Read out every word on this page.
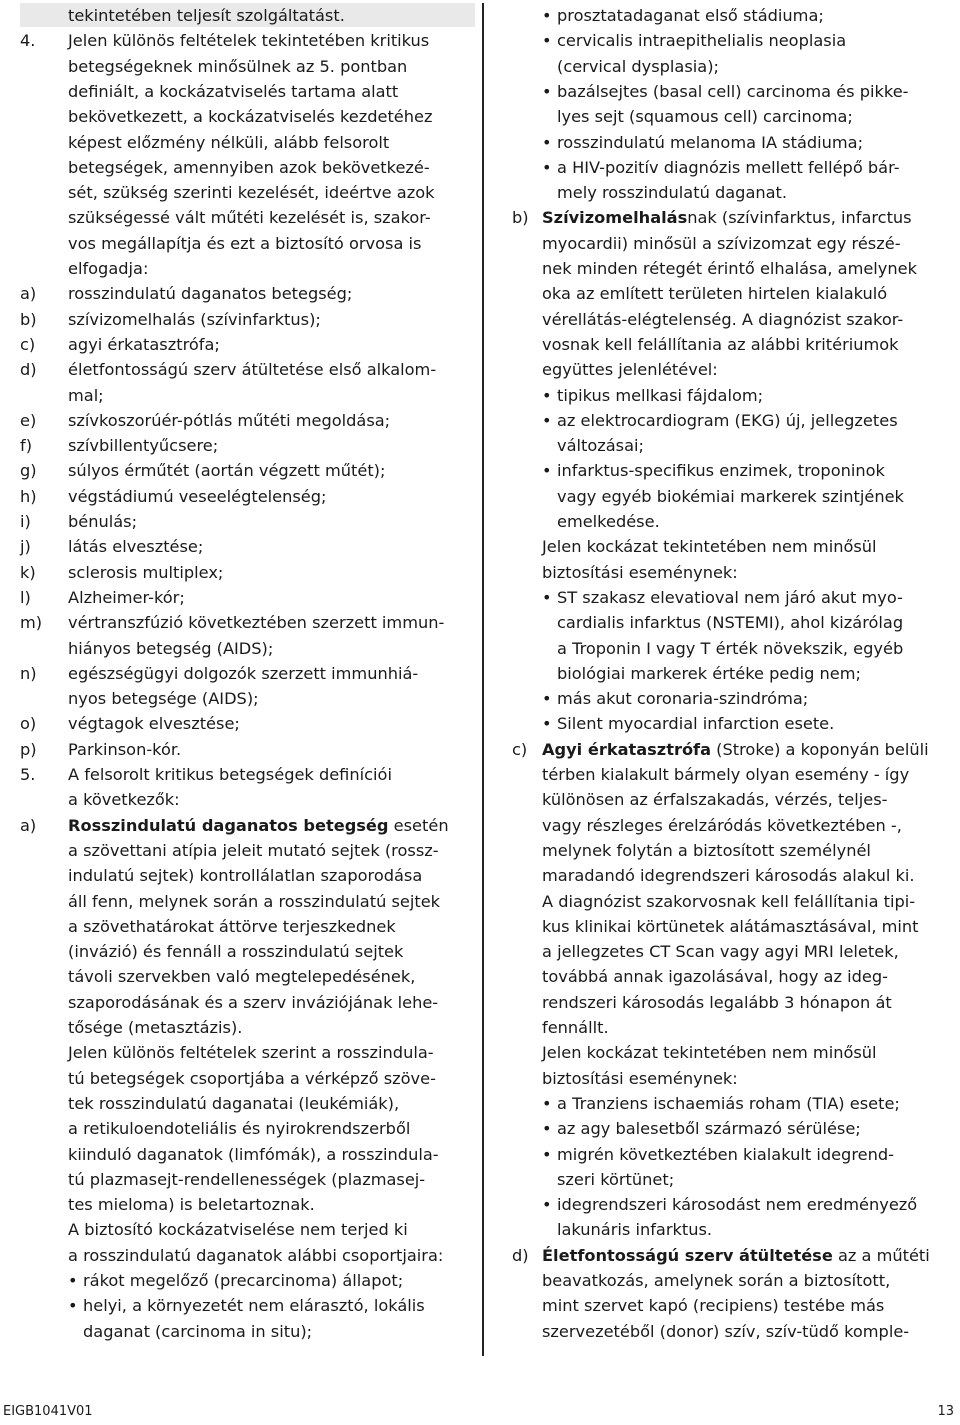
tekintetében teljesít szolgáltatást.
4. Jelen különös feltételek tekintetében kritikus
betegségeknek minősülnek az 5. pontban
definiált, a kockázatviselés tartama alatt
bekövetkezett, a kockázatviselés kezdetéhez
képest előzmény nélküli, alább felsorolt
betegségek, amennyiben azok bekövetkezé-
sét, szükség szerinti kezelését, ideértve azok
szükségessé vált műtéti kezelését is, szakor-
vos megállapítja és ezt a biztosító orvosa is
elfogadja:
a) rosszindulatú daganatos betegség;
b) szívizomelhalás (szívinfarktus);
c) agyi érkatasztrófa;
d) életfontosságú szerv átültetése első alkalom-
mal;
e) szívkoszorúér-pótlás műtéti megoldása;
f) szívbillentyűcsere;
g) súlyos érműtét (aortán végzett műtét);
h) végstádiumú veseelégtelenség;
i) bénulás;
j) látás elvesztése;
k) sclerosis multiplex;
l) Alzheimer-kór;
m) vértranszfúzió következtében szerzett immun-
hiányos betegség (AIDS);
n) egészségügyi dolgozók szerzett immunhiá-
nyos betegsége (AIDS);
o) végtagok elvesztése;
p) Parkinson-kór.
5. A felsorolt kritikus betegségek definíciói
a következők:
a) Rosszindulatú daganatos betegség esetén
a szövettani atípia jeleit mutató sejtek (rossz-
indulatú sejtek) kontrollálatlan szaporodása
áll fenn, melynek során a rosszindulatú sejtek
a szövethatárokat áttörve terjeszkednek
(invázió) és fennáll a rosszindulatú sejtek
távoli szervekben való megtelepedésének,
szaporodásának és a szerv inváziójának lehe-
tősége (metasztázis).
Jelen különös feltételek szerint a rosszindula-
tú betegségek csoportjába a vérképző szöve-
tek rosszindulatú daganatai (leukémiák),
a retikuloendoteliális és nyirokrendszerből
kiinduló daganatok (limfómák), a rosszindula-
tú plazmasejt-rendellenességek (plazmasej-
tes mieloma) is beletartoznak.
A biztosító kockázatviselése nem terjed ki
a rosszindulatú daganatok alábbi csoportjaira:
• rákot megelőző (precarcinoma) állapot;
• helyi, a környezetét nem elárasztó, lokális
daganat (carcinoma in situ);
• prosztatadaganat első stádiuma;
• cervicalis intraepithelialis neoplasia
(cervical dysplasia);
• bazálsejtes (basal cell) carcinoma és pikke-
lyes sejt (squamous cell) carcinoma;
• rosszindulatú melanoma IA stádiuma;
• a HIV-pozitív diagnózis mellett fellépő bár-
mely rosszindulatú daganat.
b) Szívizomelhalásnak (szívinfarktus, infarctus
myocardii) minősül a szívizomzat egy részé-
nek minden rétegét érintő elhalása, amelynek
oka az említett területen hirtelen kialakuló
vérellátás-elégtelenség. A diagnózist szakor-
vosnak kell felállítania az alábbi kritériumok
együttes jelenlétével:
• tipikus mellkasi fájdalom;
• az elektrocardiogram (EKG) új, jellegzetes
változásai;
• infarktus-specifikus enzimek, troponinok
vagy egyéb biokémiai markerek szintjének
emelkedése.
Jelen kockázat tekintetében nem minősül
biztosítási eseménynek:
• ST szakasz elevatioval nem járó akut myo-
cardialis infarktus (NSTEMI), ahol kizárólag
a Troponin I vagy T érték növekszik, egyéb
biológiai markerek értéke pedig nem;
• más akut coronaria-szindróma;
• Silent myocardial infarction esete.
c) Agyi érkatasztrófa (Stroke) a koponyán belüli
térben kialakult bármely olyan esemény - így
különösen az érfalszakadás, vérzés, teljes-
vagy részleges érelzáródás következtében -,
melynek folytán a biztosított személynél
maradandó idegrendszeri károsodás alakul ki.
A diagnózist szakorvosnak kell felállítania tipi-
kus klinikai körtünetek alátámasztásával, mint
a jellegzetes CT Scan vagy agyi MRI leletek,
továbbá annak igazolásával, hogy az ideg-
rendszeri károsodás legalább 3 hónapon át
fennállt.
Jelen kockázat tekintetében nem minősül
biztosítási eseménynek:
• a Tranziens ischaemiás roham (TIA) esete;
• az agy balesetből származó sérülése;
• migrén következtében kialakult idegrend-
szeri körtünet;
• idegrendszeri károsodást nem eredményező
lakunáris infarktus.
d) Életfontosságú szerv átültetése az a műtéti
beavatkozás, amelynek során a biztosított,
mint szervet kapó (recipiens) testébe más
szervezetéből (donor) szív, szív-tüdő komple-
EIGB1041V01	13
